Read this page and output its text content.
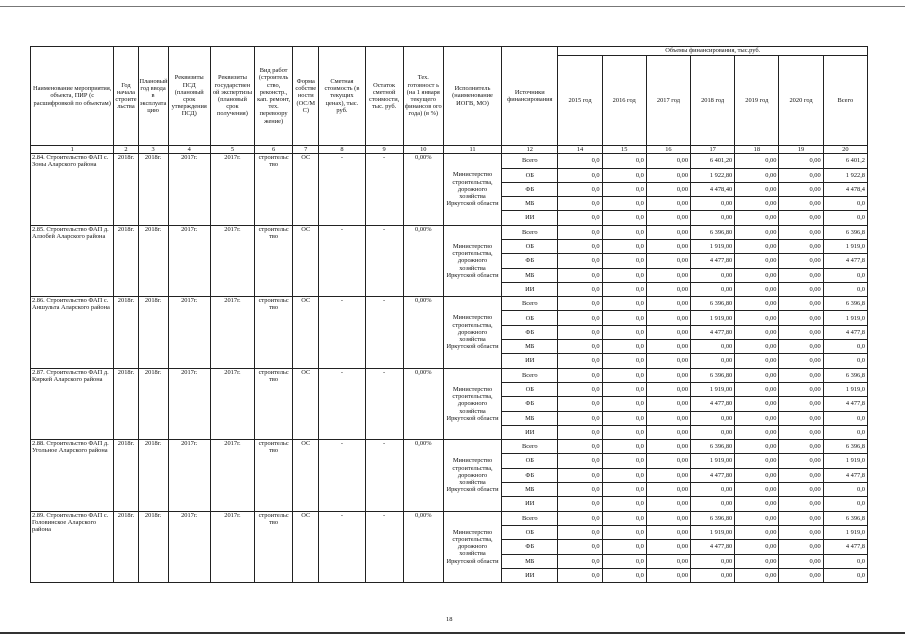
Наименование мероприятия, объекта, ПИР (с расшифровкой по объектам)	Год начала строите льства	Плановый год ввода в эксплуата цию	Реквизиты ПСД (плановый срок утверждения ПСД)	Реквизиты государствен ой экспертизы (плановый срок получения)	Вид работ (строитель ство, реконстр., кап. ремонт, тех. перевоору жение)	Форма собстве ности (ОС/М С)	Сметная стоимость (в текущих ценах), тыс. руб.	Остаток сметной стоимости, тыс. руб.	Тех. готовност ь (на 1 января текущего финансов ого года) (в %)	Исполнитель (наименование ИОГВ, МО)	Источники финансирования	Объемы финансирования, тыс.руб.						
												2015 год	2016 год	2017 год	2018 год	2019 год	2020 год	Всего
1	2	3	4	5	6	7	8	9	10	11	12	14	15	16	17	18	19	20
2.84. Строительство ФАП с. Зоны Аларского района	2018г.	2018г.	2017г.	2017г.	строительс тво	ОС	-	-	0,00%	Министерство строительства, дорожного хозяйства Иркутской области	Всего	0,0	0,0	0,00	6 401,20	0,00	0,00	6 401,2
											ОБ	0,0	0,0	0,00	1 922,80	0,00	0,00	1 922,8
											ФБ	0,0	0,0	0,00	4 478,40	0,00	0,00	4 478,4
											МБ	0,0	0,0	0,00	0,00	0,00	0,00	0,0
											ИИ	0,0	0,0	0,00	0,00	0,00	0,00	0,0
2.85. Строительство ФАП д. Алзобей Аларского района	2018г.	2018г.	2017г.	2017г.	строительс тво	ОС	-	-	0,00%	Министерство строительства, дорожного хозяйства Иркутской области	Всего	0,0	0,0	0,00	6 396,80	0,00	0,00	6 396,8
											ОБ	0,0	0,0	0,00	1 919,00	0,00	0,00	1 919,0
											ФБ	0,0	0,0	0,00	4 477,80	0,00	0,00	4 477,8
											МБ	0,0	0,0	0,00	0,00	0,00	0,00	0,0
											ИИ	0,0	0,0	0,00	0,00	0,00	0,00	0,0
2.86. Строительство ФАП с. Аншульта Аларского района	2018г.	2018г.	2017г.	2017г.	строительс тво	ОС	-	-	0,00%	Министерство строительства, дорожного хозяйства Иркутской области	Всего	0,0	0,0	0,00	6 396,80	0,00	0,00	6 396,8
											ОБ	0,0	0,0	0,00	1 919,00	0,00	0,00	1 919,0
											ФБ	0,0	0,0	0,00	4 477,80	0,00	0,00	4 477,8
											МБ	0,0	0,0	0,00	0,00	0,00	0,00	0,0
											ИИ	0,0	0,0	0,00	0,00	0,00	0,00	0,0
2.87. Строительство ФАП д. Киркей Аларского района	2018г.	2018г.	2017г.	2017г.	строительс тво	ОС	-	-	0,00%	Министерство строительства, дорожного хозяйства Иркутской области	Всего	0,0	0,0	0,00	6 396,80	0,00	0,00	6 396,8
											ОБ	0,0	0,0	0,00	1 919,00	0,00	0,00	1 919,0
											ФБ	0,0	0,0	0,00	4 477,80	0,00	0,00	4 477,8
											МБ	0,0	0,0	0,00	0,00	0,00	0,00	0,0
											ИИ	0,0	0,0	0,00	0,00	0,00	0,00	0,0
2.88. Строительство ФАП д. Угольное Аларского района	2018г.	2018г.	2017г.	2017г.	строительс тво	ОС	-	-	0,00%	Министерство строительства, дорожного хозяйства Иркутской области	Всего	0,0	0,0	0,00	6 396,80	0,00	0,00	6 396,8
											ОБ	0,0	0,0	0,00	1 919,00	0,00	0,00	1 919,0
											ФБ	0,0	0,0	0,00	4 477,80	0,00	0,00	4 477,8
											МБ	0,0	0,0	0,00	0,00	0,00	0,00	0,0
											ИИ	0,0	0,0	0,00	0,00	0,00	0,00	0,0
2.89. Строительство ФАП с. Головинское Аларского района	2018г.	2018г.	2017г.	2017г.	строительс тво	ОС	-	-	0,00%	Министерство строительства, дорожного хозяйства Иркутской области	Всего	0,0	0,0	0,00	6 396,80	0,00	0,00	6 396,8
											ОБ	0,0	0,0	0,00	1 919,00	0,00	0,00	1 919,0
											ФБ	0,0	0,0	0,00	4 477,80	0,00	0,00	4 477,8
											МБ	0,0	0,0	0,00	0,00	0,00	0,00	0,0
											ИИ	0,0	0,0	0,00	0,00	0,00	0,00	0,0
18
